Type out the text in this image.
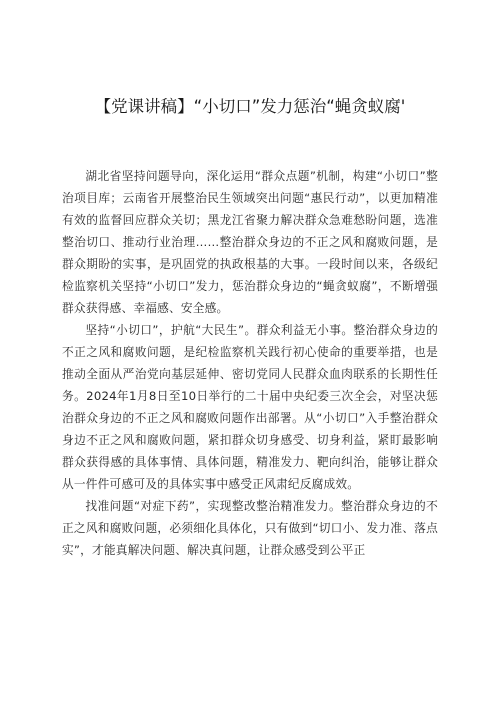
【党课讲稿】“小切口”发力惩治“蝇贪蚁腐'

湖北省坚持问题导向，深化运用“群众点题”机制，构建“小切口”整治项目库；云南省开展整治民生领域突出问题“惠民行动”，以更加精准有效的监督回应群众关切；黑龙江省聚力解决群众急难愁盼问题，选准整治切口、推动行业治理……整治群众身边的不正之风和腐败问题，是群众期盼的实事，是巩固党的执政根基的大事。一段时间以来，各级纪检监察机关坚持“小切口”发力，惩治群众身边的“蝇贪蚁腐”，不断增强群众获得感、幸福感、安全感。

坚持“小切口”，护航“大民生”。群众利益无小事。整治群众身边的不正之风和腐败问题，是纪检监察机关践行初心使命的重要举措，也是推动全面从严治党向基层延伸、密切党同人民群众血肉联系的长期性任务。2024年1月8日至10日举行的二十届中央纪委三次全会，对坚决惩治群众身边的不正之风和腐败问题作出部署。从“小切口”入手整治群众身边不正之风和腐败问题，紧扣群众切身感受、切身利益，紧盯最影响群众获得感的具体事情、具体问题，精准发力、靶向纠治，能够让群众从一件件可感可及的具体实事中感受正风肃纪反腐成效。

找准问题“对症下药”，实现整改整治精准发力。整治群众身边的不正之风和腐败问题，必须细化具体化，只有做到“切口小、发力准、落点实”，才能真解决问题、解决真问题，让群众感受到公平正
